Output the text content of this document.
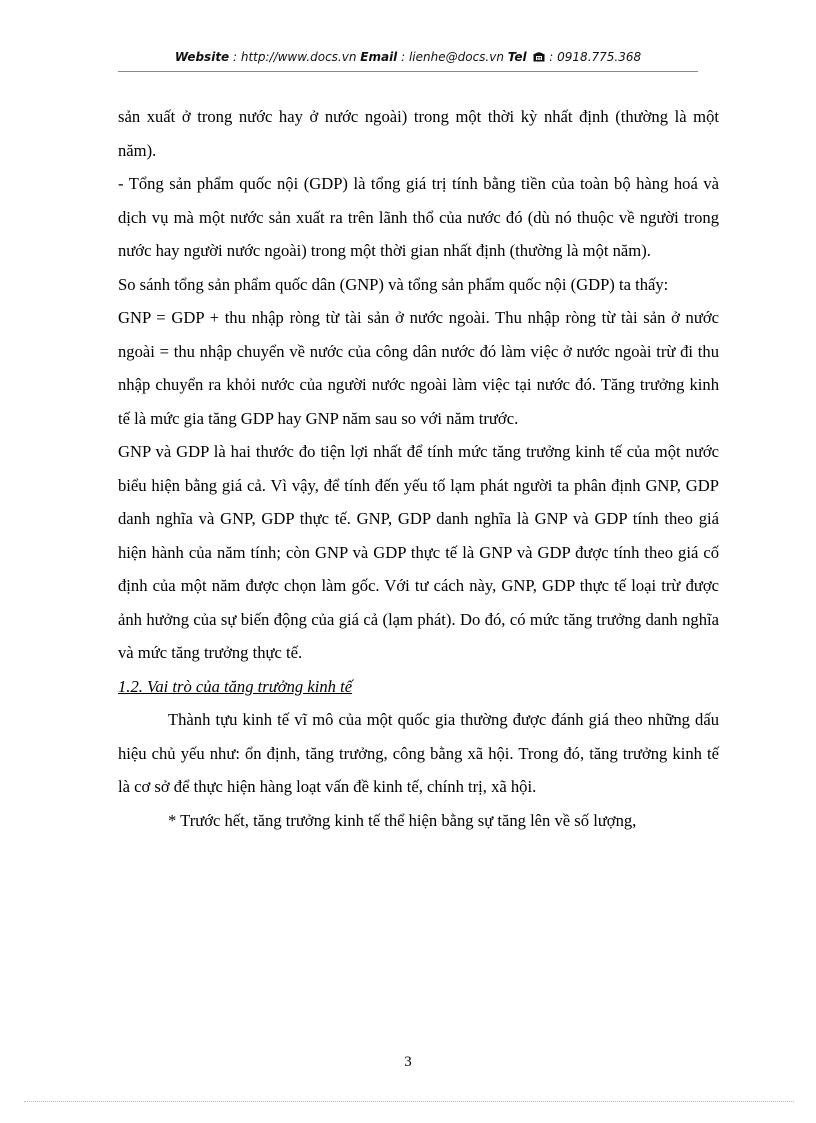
Website : http://www.docs.vn Email : lienhe@docs.vn Tel  : 0918.775.368

sản xuất ở trong nước hay ở nước ngoài) trong một thời kỳ nhất định (thường là một năm).

- Tổng sản phẩm quốc nội (GDP) là tổng giá trị tính bằng tiền của toàn bộ hàng hoá và dịch vụ mà một nước sản xuất ra trên lãnh thổ của nước đó (dù nó thuộc về người trong nước hay người nước ngoài) trong một thời gian nhất định (thường là một năm).

So sánh tổng sản phẩm quốc dân (GNP) và tổng sản phẩm quốc nội (GDP) ta thấy:

GNP = GDP + thu nhập ròng từ tài sản ở nước ngoài. Thu nhập ròng từ tài sản ở nước ngoài = thu nhập chuyển về nước của công dân nước đó làm việc ở nước ngoài trừ đi thu nhập chuyển ra khỏi nước của người nước ngoài làm việc tại nước đó. Tăng trưởng kinh tế là mức gia tăng GDP hay GNP năm sau so với năm trước.

GNP và GDP là hai thước đo tiện lợi nhất để tính mức tăng trưởng kinh tế của một nước biểu hiện bằng giá cả. Vì vậy, để tính đến yếu tố lạm phát người ta phân định GNP, GDP danh nghĩa và GNP, GDP thực tế. GNP, GDP danh nghĩa là GNP và GDP tính theo giá hiện hành của năm tính; còn GNP và GDP thực tế là GNP và GDP được tính theo giá cố định của một năm được chọn làm gốc. Với tư cách này, GNP, GDP thực tế loại trừ được ảnh hưởng của sự biến động của giá cả (lạm phát). Do đó, có mức tăng trưởng danh nghĩa và mức tăng trưởng thực tế.

1.2. Vai trò của tăng trưởng kinh tế

Thành tựu kinh tế vĩ mô của một quốc gia thường được đánh giá theo những dấu hiệu chủ yếu như: ổn định, tăng trưởng, công bằng xã hội. Trong đó, tăng trưởng kinh tế là cơ sở để thực hiện hàng loạt vấn đề kinh tế, chính trị, xã hội.

* Trước hết, tăng trưởng kinh tế thể hiện bằng sự tăng lên về số lượng,

3
